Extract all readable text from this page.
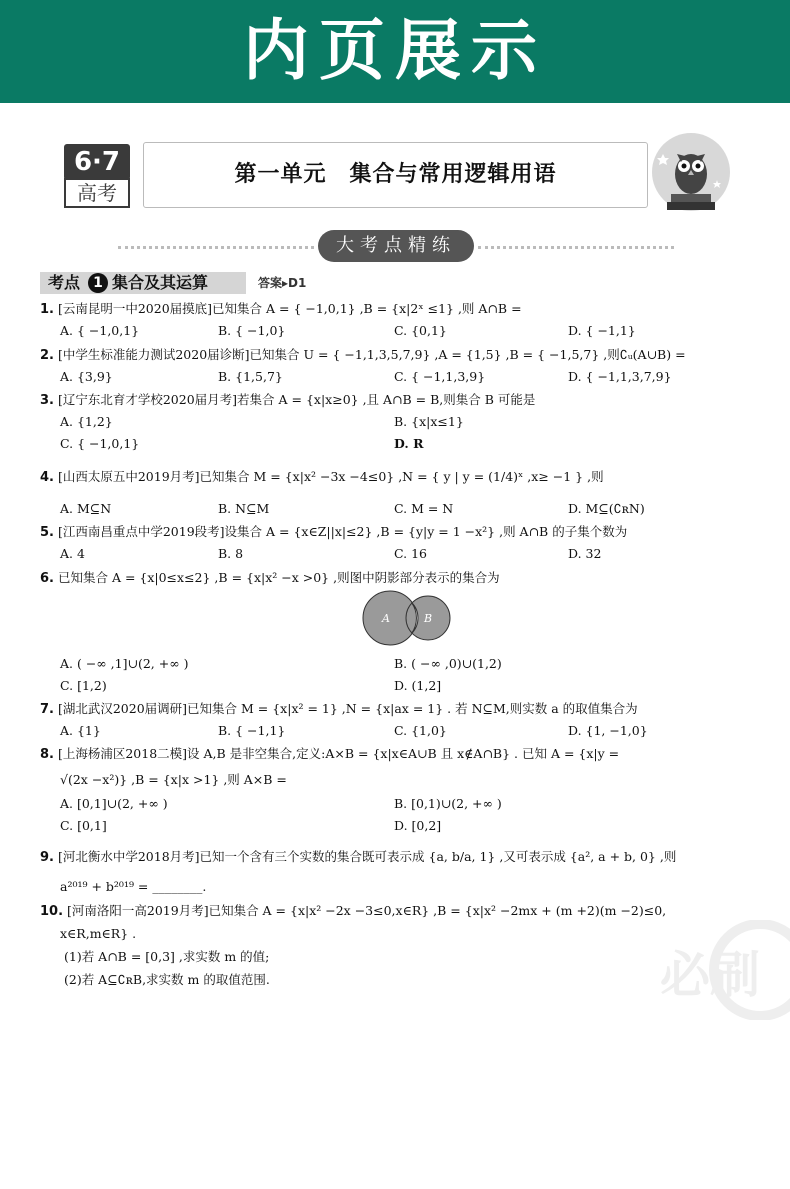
内页展示
6·7
高考
第一单元　集合与常用逻辑用语
大考点精练
考点 1 集合及其运算	答案▸D1
1. [云南昆明一中2020届摸底]已知集合 A = { −1,0,1} ,B = {x|2ˣ ≤1} ,则 A∩B =
A. { −1,0,1}	B. { −1,0}	C. {0,1}	D. { −1,1}
2. [中学生标准能力测试2020届诊断]已知集合 U = { −1,1,3,5,7,9} ,A = {1,5} ,B = { −1,5,7} ,则∁ᵤ(A∪B) =
A. {3,9}	B. {1,5,7}	C. { −1,1,3,9}	D. { −1,1,3,7,9}
3. [辽宁东北育才学校2020届月考]若集合 A = {x|x≥0} ,且 A∩B = B,则集合 B 可能是
A. {1,2}	B. {x|x≤1}
C. { −1,0,1}	D. R
4. [山西太原五中2019月考]已知集合 M = {x|x² −3x −4≤0} ,N = { y | y = (1/4)ˣ ,x≥ −1 } ,则
A. M⊆N	B. N⊆M	C. M = N	D. M⊆(∁ʀN)
5. [江西南昌重点中学2019段考]设集合 A = {x∈Z||x|≤2} ,B = {y|y = 1 −x²} ,则 A∩B 的子集个数为
A. 4	B. 8	C. 16	D. 32
6. 已知集合 A = {x|0≤x≤2} ,B = {x|x² −x >0} ,则图中阴影部分表示的集合为
A	B
A. ( −∞ ,1]∪(2, +∞ )	B. ( −∞ ,0)∪(1,2)
C. [1,2)	D. (1,2]
7. [湖北武汉2020届调研]已知集合 M = {x|x² = 1} ,N = {x|ax = 1} . 若 N⊆M,则实数 a 的取值集合为
A. {1}	B. { −1,1}	C. {1,0}	D. {1, −1,0}
8. [上海杨浦区2018二模]设 A,B 是非空集合,定义:A×B = {x|x∈A∪B 且 x∉A∩B} . 已知 A = {x|y =
√(2x −x²)} ,B = {x|x >1} ,则 A×B =
A. [0,1]∪(2, +∞ )	B. [0,1)∪(2, +∞ )
C. [0,1]	D. [0,2]
9. [河北衡水中学2018月考]已知一个含有三个实数的集合既可表示成 {a, b/a, 1} ,又可表示成 {a², a + b, 0} ,则
a²⁰¹⁹ + b²⁰¹⁹ = ________.
10. [河南洛阳一高2019月考]已知集合 A = {x|x² −2x −3≤0,x∈R} ,B = {x|x² −2mx + (m +2)(m −2)≤0,
x∈R,m∈R} .
(1)若 A∩B = [0,3] ,求实数 m 的值;
(2)若 A⊆∁ʀB,求实数 m 的取值范围.	必刷
